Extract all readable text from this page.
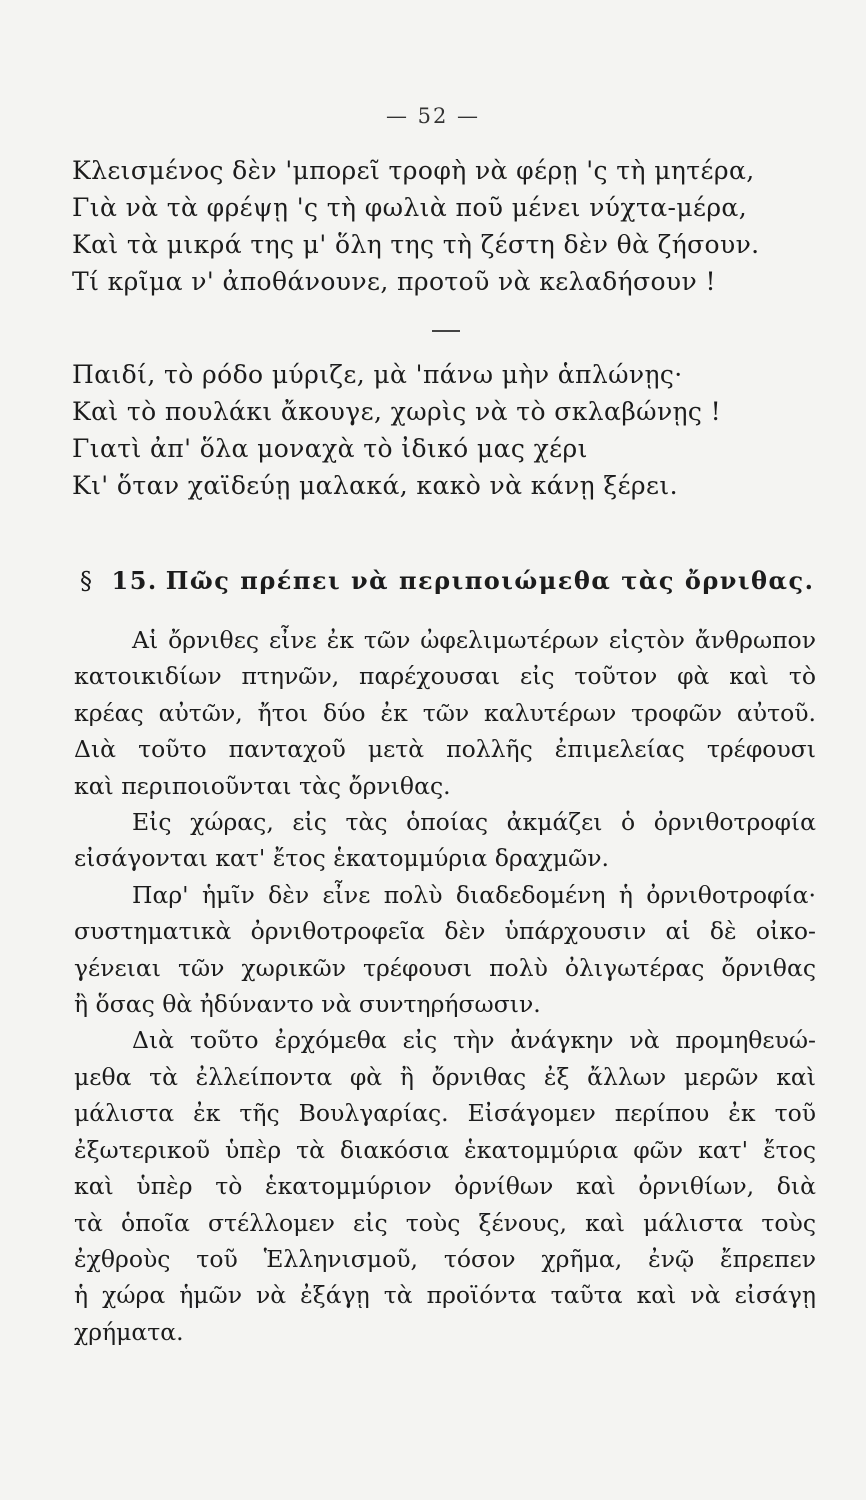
— 52 —
Κλεισμένος δὲν 'μπορεῖ τροφὴ νὰ φέρῃ 'ς τὴ μητέρα,
Γιὰ νὰ τὰ φρέψῃ 'ς τὴ φωλιὰ ποῦ μένει νύχτα-μέρα,
Καὶ τὰ μικρά της μ' ὅλη της τὴ ζέστη δὲν θὰ ζήσουν.
Τί κρῖμα ν' ἀποθάνουνε, προτοῦ νὰ κελαδήσουν !
Παιδί, τὸ ρόδο μύριζε, μὰ 'πάνω μὴν ἁπλώνῃς·
Καὶ τὸ πουλάκι ἄκουγε, χωρὶς νὰ τὸ σκλαβώνῃς !
Γιατὶ ἀπ' ὅλα μοναχὰ τὸ ἰδικό μας χέρι
Κι' ὅταν χαϊδεύῃ μαλακά, κακὸ νὰ κάνῃ ξέρει.
§ 15. Πῶς πρέπει νὰ περιποιώμεθα τὰς ὄρνιθας.
Αἱ ὄρνιθες εἶνε ἐκ τῶν ὠφελιμωτέρων εἰςτὸν ἄνθρωπον
κατοικιδίων πτηνῶν, παρέχουσαι εἰς τοῦτον φὰ καὶ τὸ
κρέας αὐτῶν, ἤτοι δύο ἐκ τῶν καλυτέρων τροφῶν αὐτοῦ.
Διὰ τοῦτο πανταχοῦ μετὰ πολλῆς ἐπιμελείας τρέφουσι
καὶ περιποιοῦνται τὰς ὄρνιθας.
Εἰς χώρας, εἰς τὰς ὁποίας ἀκμάζει ὁ ὀρνιθοτροφία
εἰσάγονται κατ' ἔτος ἑκατομμύρια δραχμῶν.
Παρ' ἡμῖν δὲν εἶνε πολὺ διαδεδομένη ἡ ὀρνιθοτροφία·
συστηματικὰ ὀρνιθοτροφεῖα δὲν ὑπάρχουσιν αἱ δὲ οἰκο-
γένειαι τῶν χωρικῶν τρέφουσι πολὺ ὀλιγωτέρας ὄρνιθας
ἢ ὅσας θὰ ἠδύναντο νὰ συντηρήσωσιν.
Διὰ τοῦτο ἐρχόμεθα εἰς τὴν ἀνάγκην νὰ προμηθευώ-
μεθα τὰ ἐλλείποντα φὰ ἢ ὄρνιθας ἐξ ἄλλων μερῶν καὶ
μάλιστα ἐκ τῆς Βουλγαρίας. Εἰσάγομεν περίπου ἐκ τοῦ
ἐξωτερικοῦ ὑπὲρ τὰ διακόσια ἑκατομμύρια φῶν κατ' ἔτος
καὶ ὑπὲρ τὸ ἑκατομμύριον ὀρνίθων καὶ ὀρνιθίων, διὰ
τὰ ὁποῖα στέλλομεν εἰς τοὺς ξένους, καὶ μάλιστα τοὺς
ἐχθροὺς τοῦ Ἑλληνισμοῦ, τόσον χρῆμα, ἐνῷ ἔπρεπεν
ἡ χώρα ἡμῶν νὰ ἐξάγῃ τὰ προϊόντα ταῦτα καὶ νὰ εἰσάγῃ
χρήματα.
